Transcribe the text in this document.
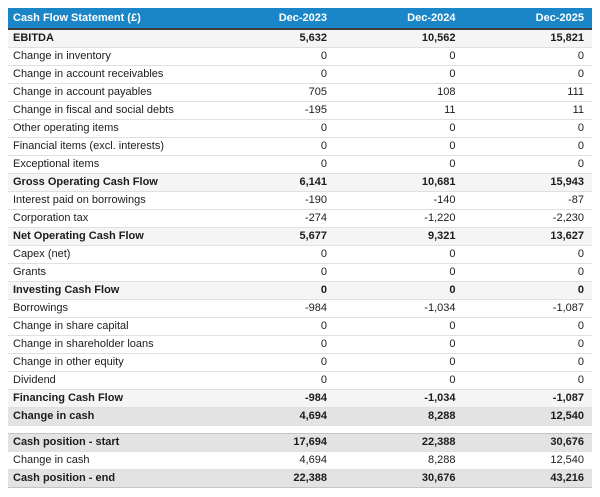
Cash Flow Statement (£)	Dec-2023	Dec-2024	Dec-2025
EBITDA	5,632	10,562	15,821
Change in inventory	0	0	0
Change in account receivables	0	0	0
Change in account payables	705	108	111
Change in fiscal and social debts	-195	11	11
Other operating items	0	0	0
Financial items (excl. interests)	0	0	0
Exceptional items	0	0	0
Gross Operating Cash Flow	6,141	10,681	15,943
Interest paid on borrowings	-190	-140	-87
Corporation tax	-274	-1,220	-2,230
Net Operating Cash Flow	5,677	9,321	13,627
Capex (net)	0	0	0
Grants	0	0	0
Investing Cash Flow	0	0	0
Borrowings	-984	-1,034	-1,087
Change in share capital	0	0	0
Change in shareholder loans	0	0	0
Change in other equity	0	0	0
Dividend	0	0	0
Financing Cash Flow	-984	-1,034	-1,087
Change in cash	4,694	8,288	12,540
Cash position - start	17,694	22,388	30,676
Change in cash	4,694	8,288	12,540
Cash position - end	22,388	30,676	43,216
